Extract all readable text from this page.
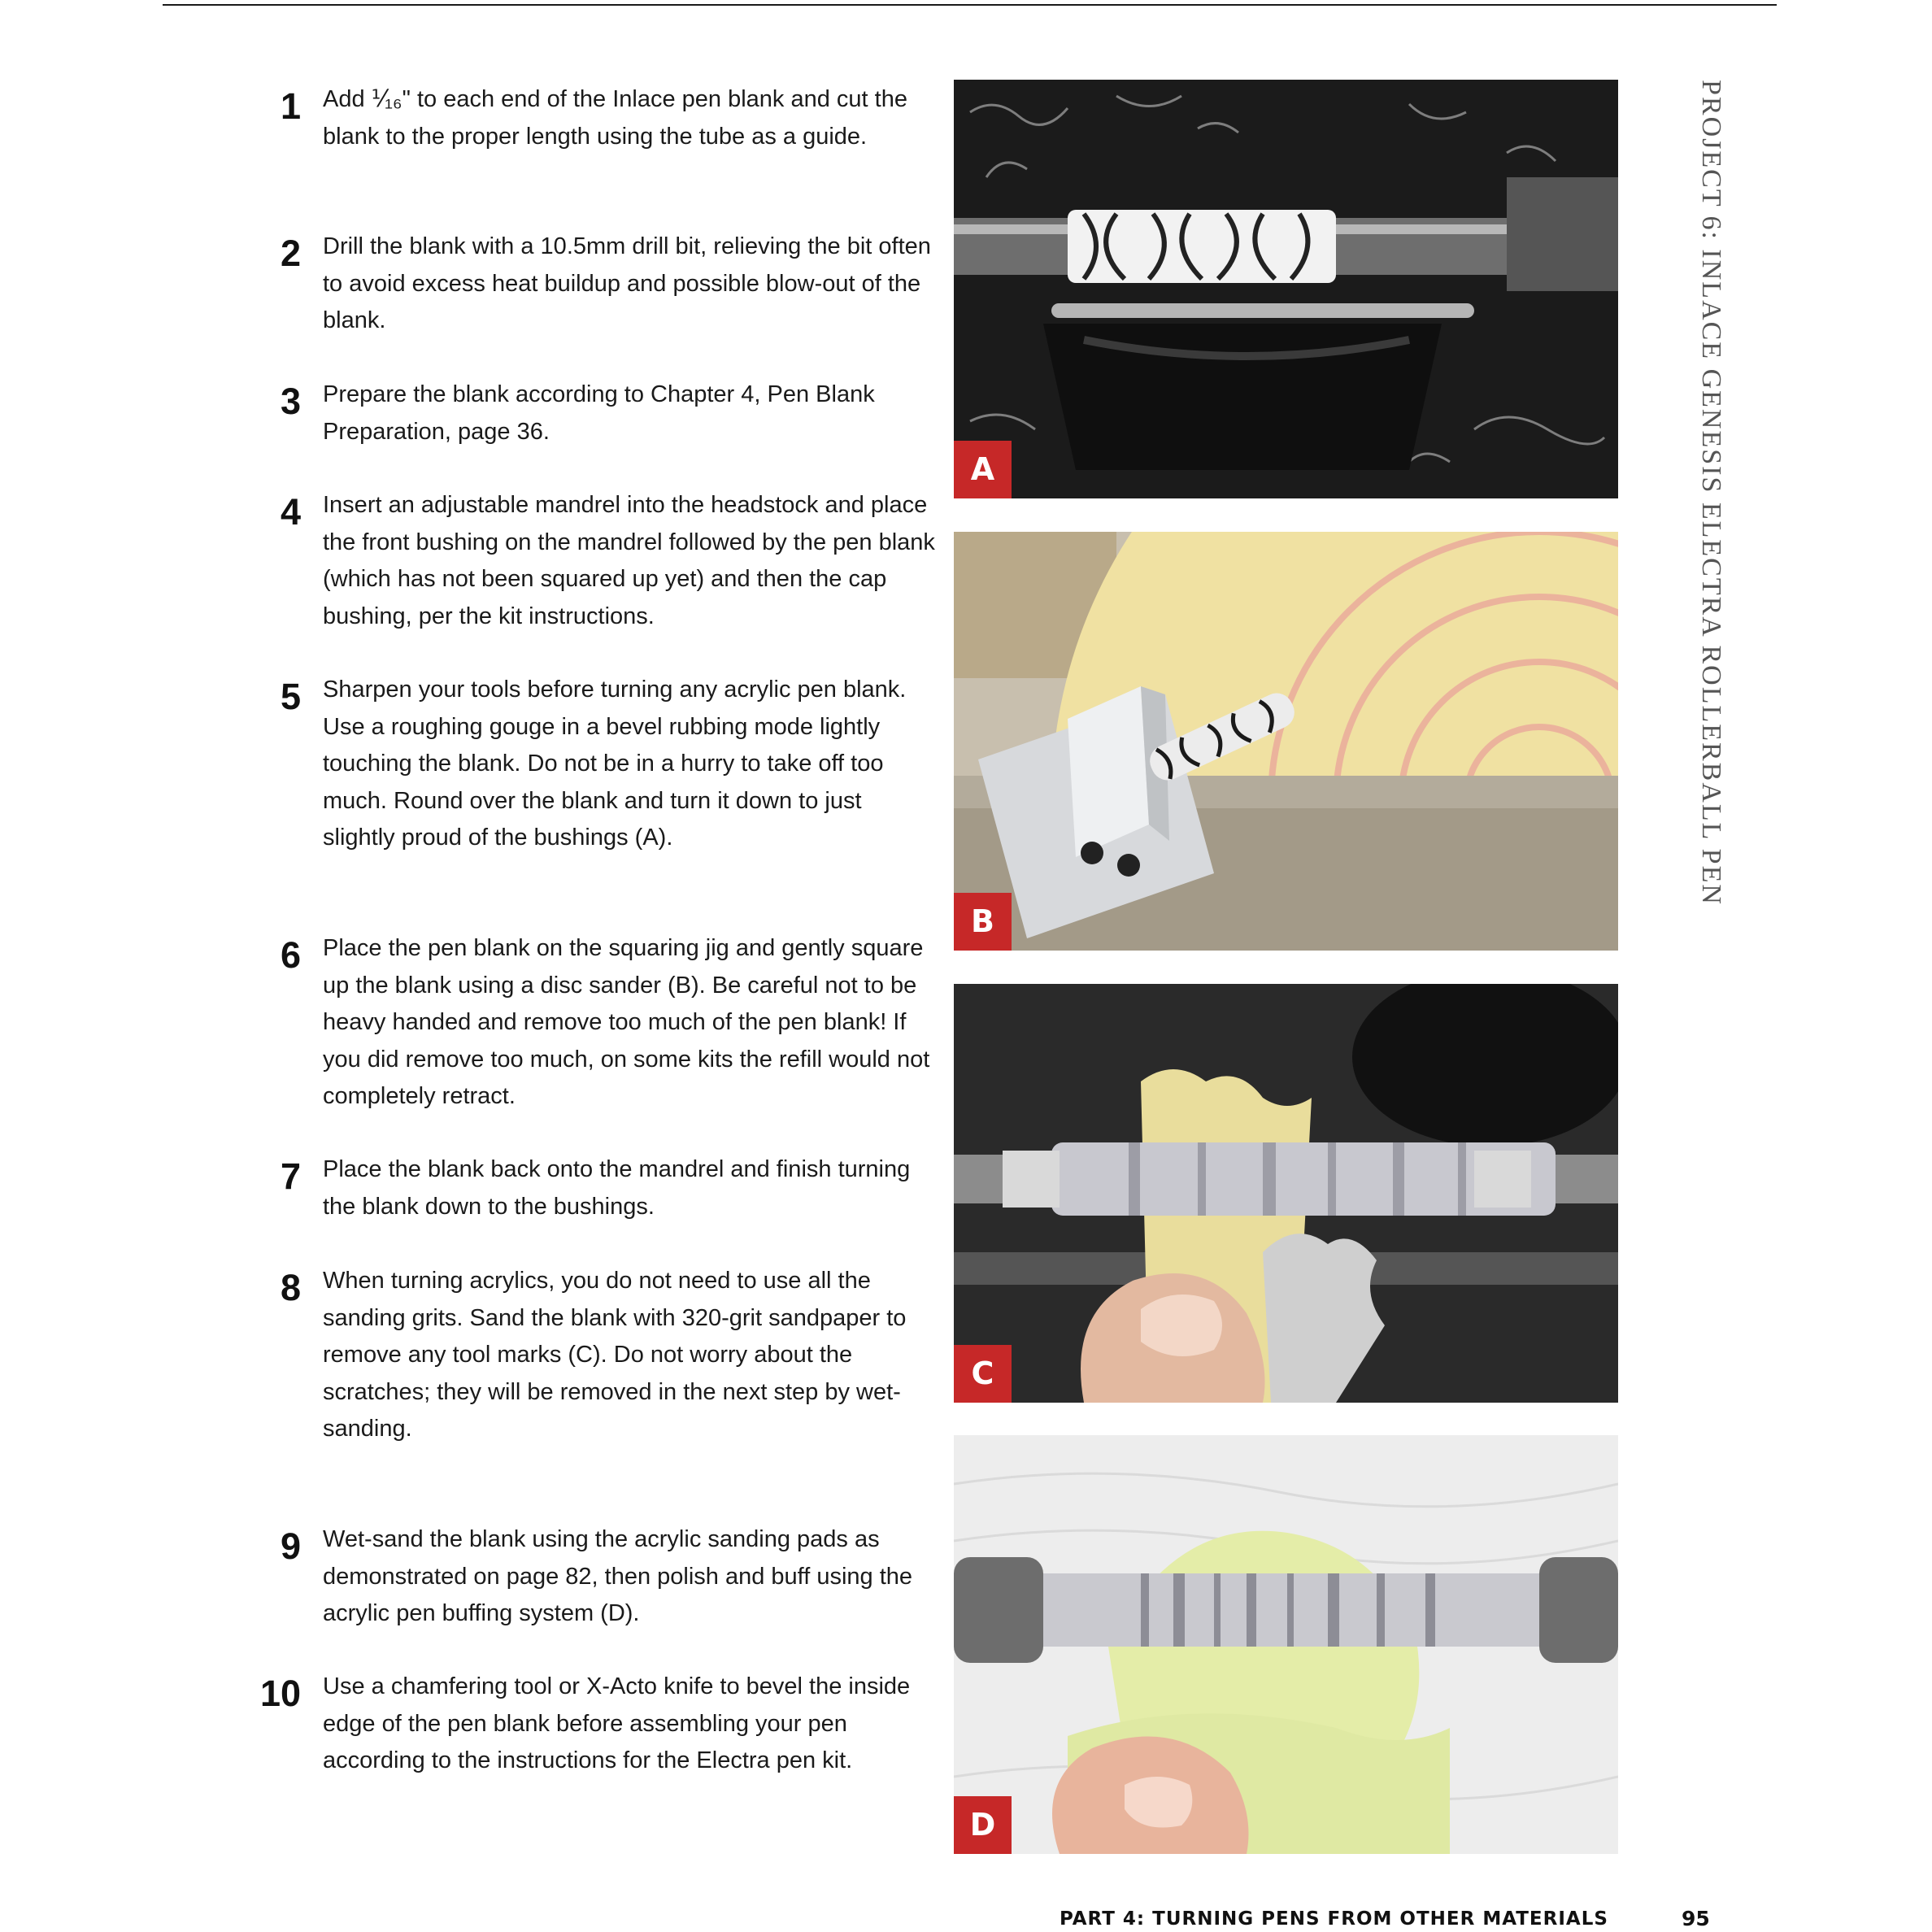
1 Add ⅟₁₆" to each end of the Inlace pen blank and cut the blank to the proper length using the tube as a guide.
2 Drill the blank with a 10.5mm drill bit, relieving the bit often to avoid excess heat buildup and possible blow-out of the blank.
3 Prepare the blank according to Chapter 4, Pen Blank Preparation, page 36.
4 Insert an adjustable mandrel into the headstock and place the front bushing on the mandrel followed by the pen blank (which has not been squared up yet) and then the cap bushing, per the kit instructions.
5 Sharpen your tools before turning any acrylic pen blank. Use a roughing gouge in a bevel rubbing mode lightly touching the blank. Do not be in a hurry to take off too much. Round over the blank and turn it down to just slightly proud of the bushings (A).
6 Place the pen blank on the squaring jig and gently square up the blank using a disc sander (B). Be careful not to be heavy handed and remove too much of the pen blank! If you did remove too much, on some kits the refill would not completely retract.
7 Place the blank back onto the mandrel and finish turning the blank down to the bushings.
8 When turning acrylics, you do not need to use all the sanding grits. Sand the blank with 320-grit sandpaper to remove any tool marks (C). Do not worry about the scratches; they will be removed in the next step by wet-sanding.
9 Wet-sand the blank using the acrylic sanding pads as demonstrated on page 82, then polish and buff using the acrylic pen buffing system (D).
10 Use a chamfering tool or X-Acto knife to bevel the inside edge of the pen blank before assembling your pen according to the instructions for the Electra pen kit.
A
B
C
D
PROJECT 6: INLACE GENESIS ELECTRA ROLLERBALL PEN
PART 4: TURNING PENS FROM OTHER MATERIALS	95
